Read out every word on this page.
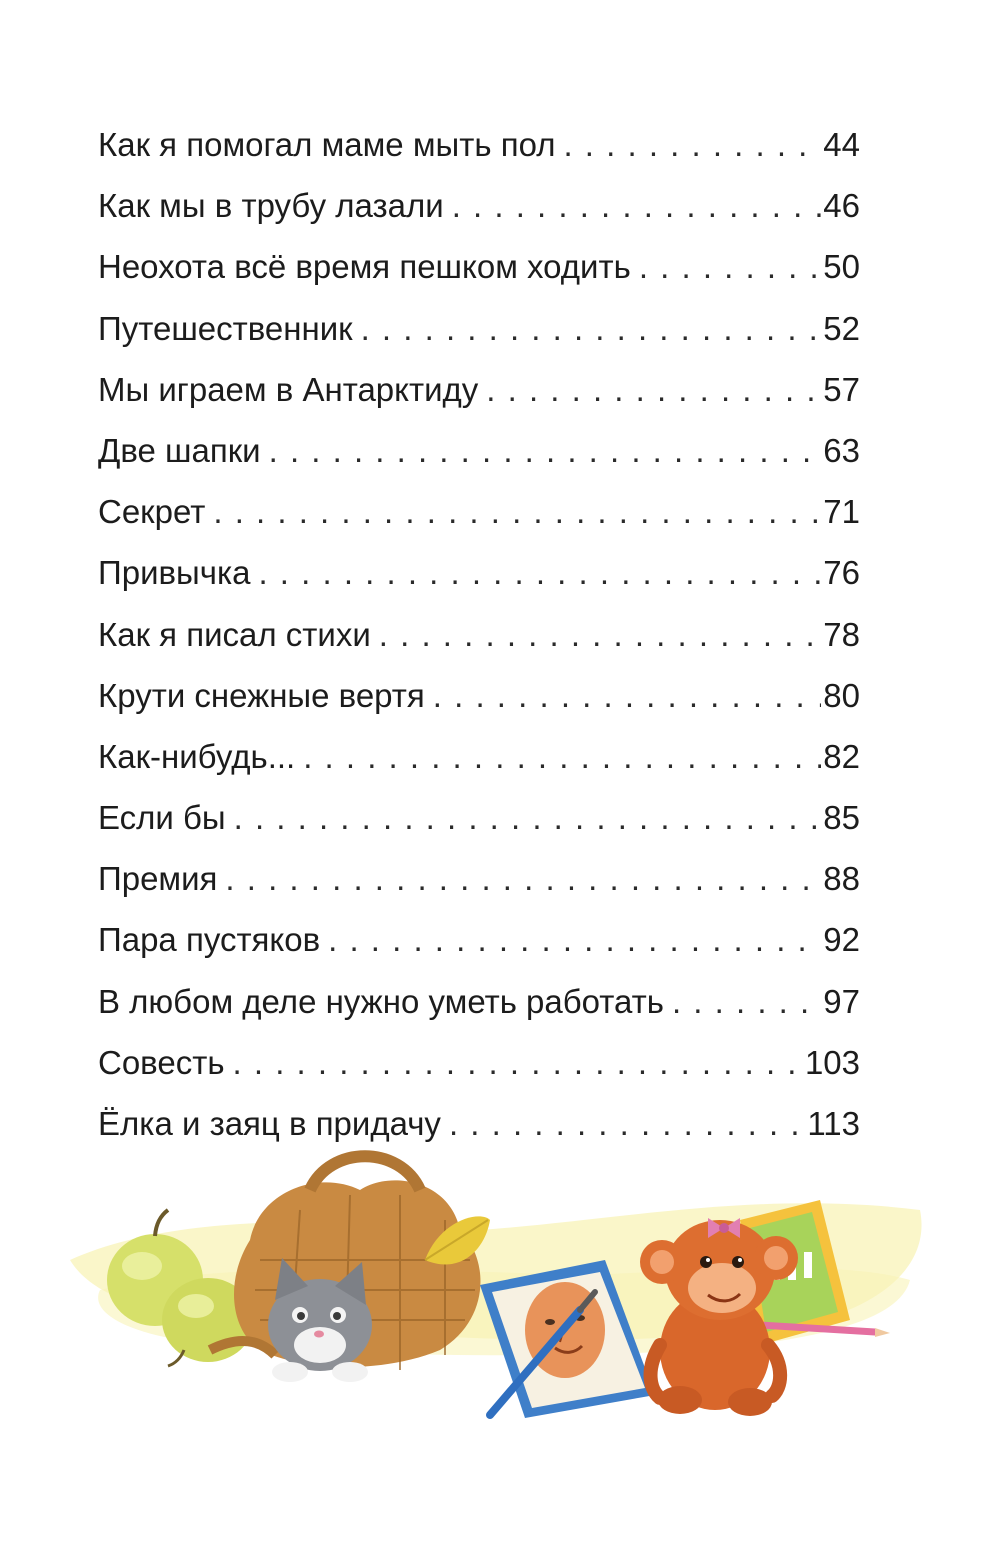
Как я помогал маме мыть пол . . .	44
Как мы в трубу лазали . . .	46
Неохота всё время пешком ходить . . .	50
Путешественник . . .	52
Мы играем в Антарктиду . . .	57
Две шапки . . .	63
Секрет . . .	71
Привычка . . .	76
Как я писал стихи . . .	78
Крути снежные вертя . . .	80
Как-нибудь... . . .	82
Если бы . . .	85
Премия . . .	88
Пара пустяков . . .	92
В любом деле нужно уметь работать . . .	97
Совесть . . .	103
Ёлка и заяц в придачу . . .	113
